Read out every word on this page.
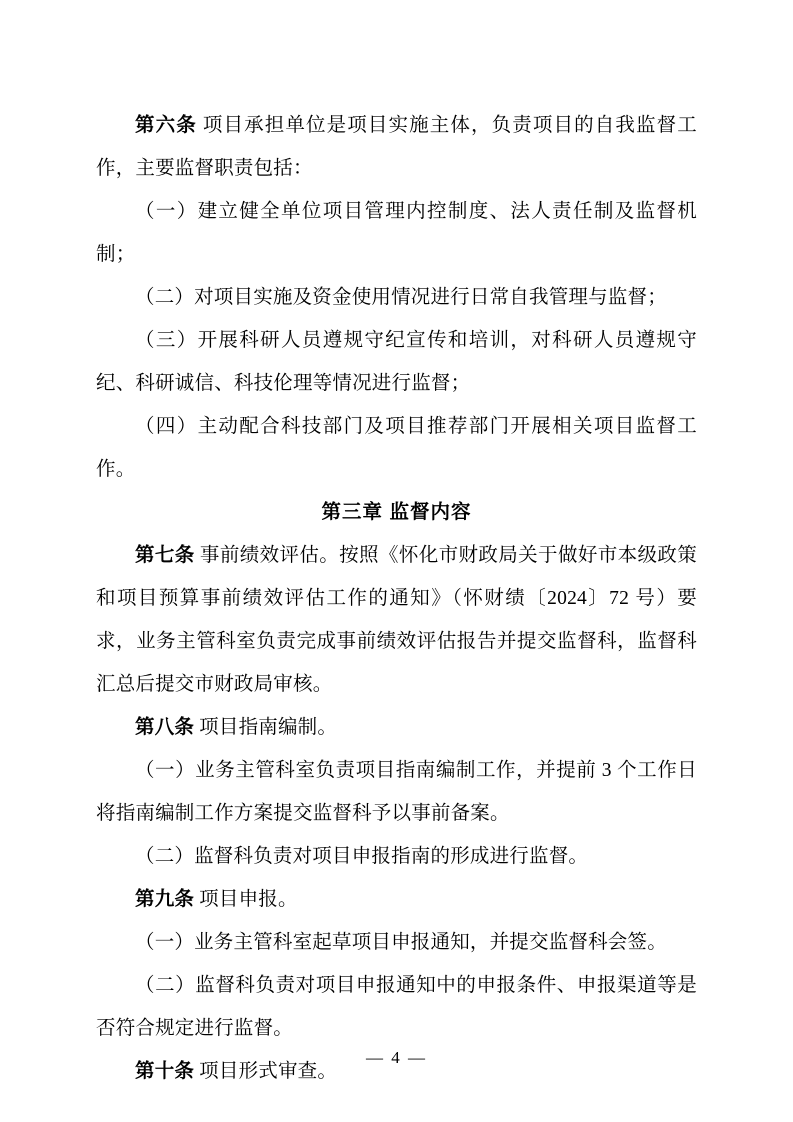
第六条 项目承担单位是项目实施主体，负责项目的自我监督工作，主要监督职责包括：

（一）建立健全单位项目管理内控制度、法人责任制及监督机制；

（二）对项目实施及资金使用情况进行日常自我管理与监督；

（三）开展科研人员遵规守纪宣传和培训，对科研人员遵规守纪、科研诚信、科技伦理等情况进行监督；

（四）主动配合科技部门及项目推荐部门开展相关项目监督工作。

第三章 监督内容

第七条 事前绩效评估。按照《怀化市财政局关于做好市本级政策和项目预算事前绩效评估工作的通知》（怀财绩〔2024〕72 号）要求，业务主管科室负责完成事前绩效评估报告并提交监督科，监督科汇总后提交市财政局审核。

第八条 项目指南编制。

（一）业务主管科室负责项目指南编制工作，并提前 3 个工作日将指南编制工作方案提交监督科予以事前备案。

（二）监督科负责对项目申报指南的形成进行监督。

第九条 项目申报。

（一）业务主管科室起草项目申报通知，并提交监督科会签。

（二）监督科负责对项目申报通知中的申报条件、申报渠道等是否符合规定进行监督。

第十条 项目形式审查。

— 4 —
